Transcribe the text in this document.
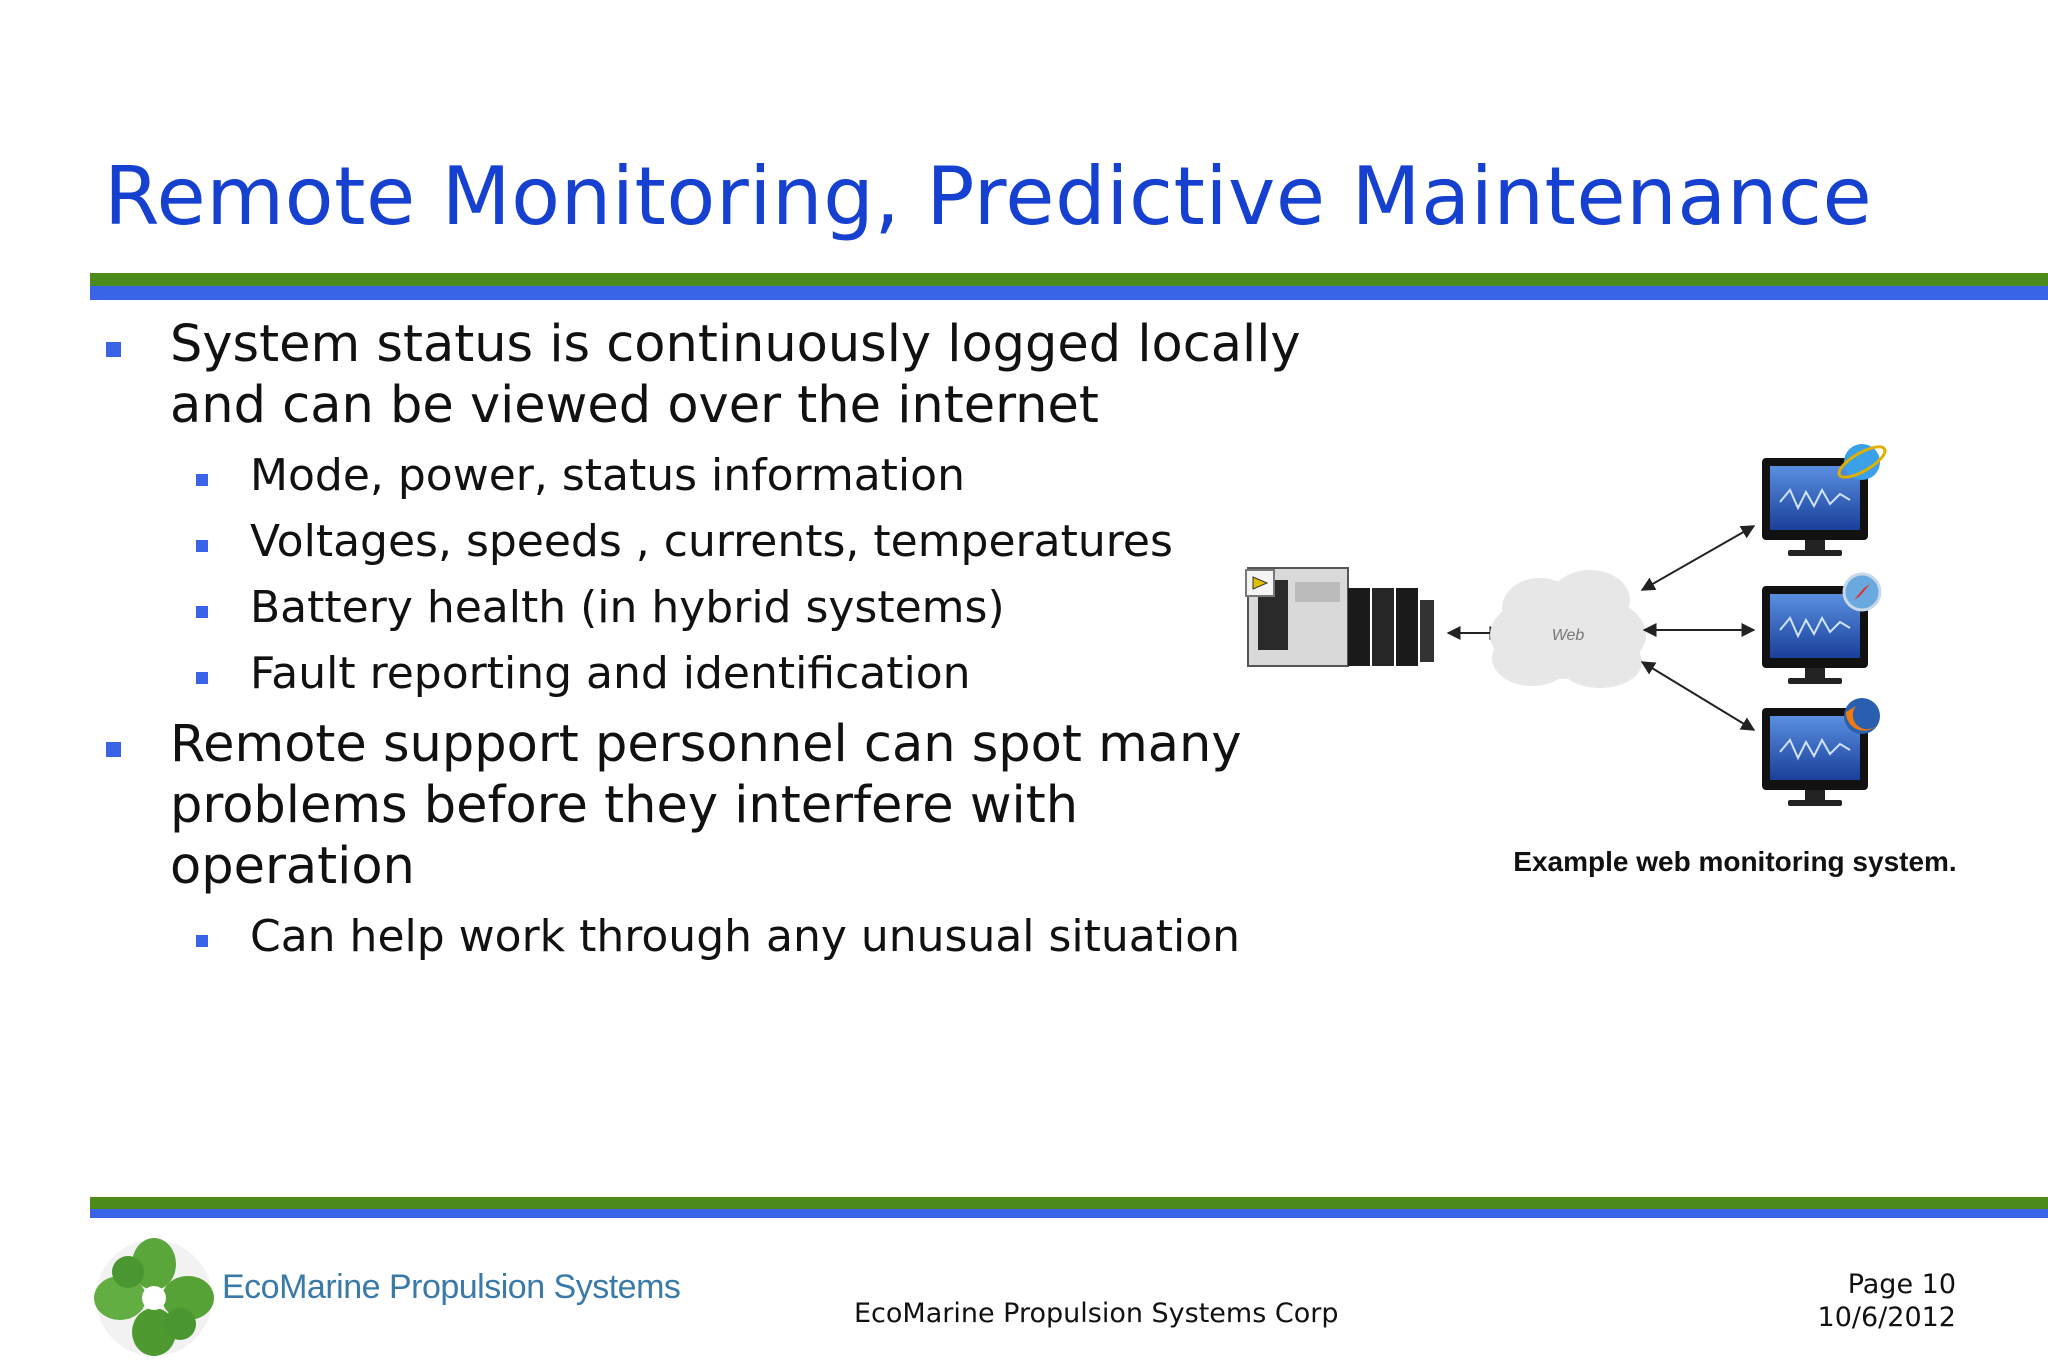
Remote Monitoring, Predictive Maintenance
System status is continuously logged locally and can be viewed over the internet
Mode, power, status information
Voltages, speeds , currents, temperatures
Battery health (in hybrid systems)
Fault reporting and identification
Remote support personnel can spot many problems before they interfere with operation
Can help work through any unusual situation
Web
Example web monitoring system.
EcoMarine Propulsion Systems
EcoMarine Propulsion Systems Corp
Page 10
10/6/2012
